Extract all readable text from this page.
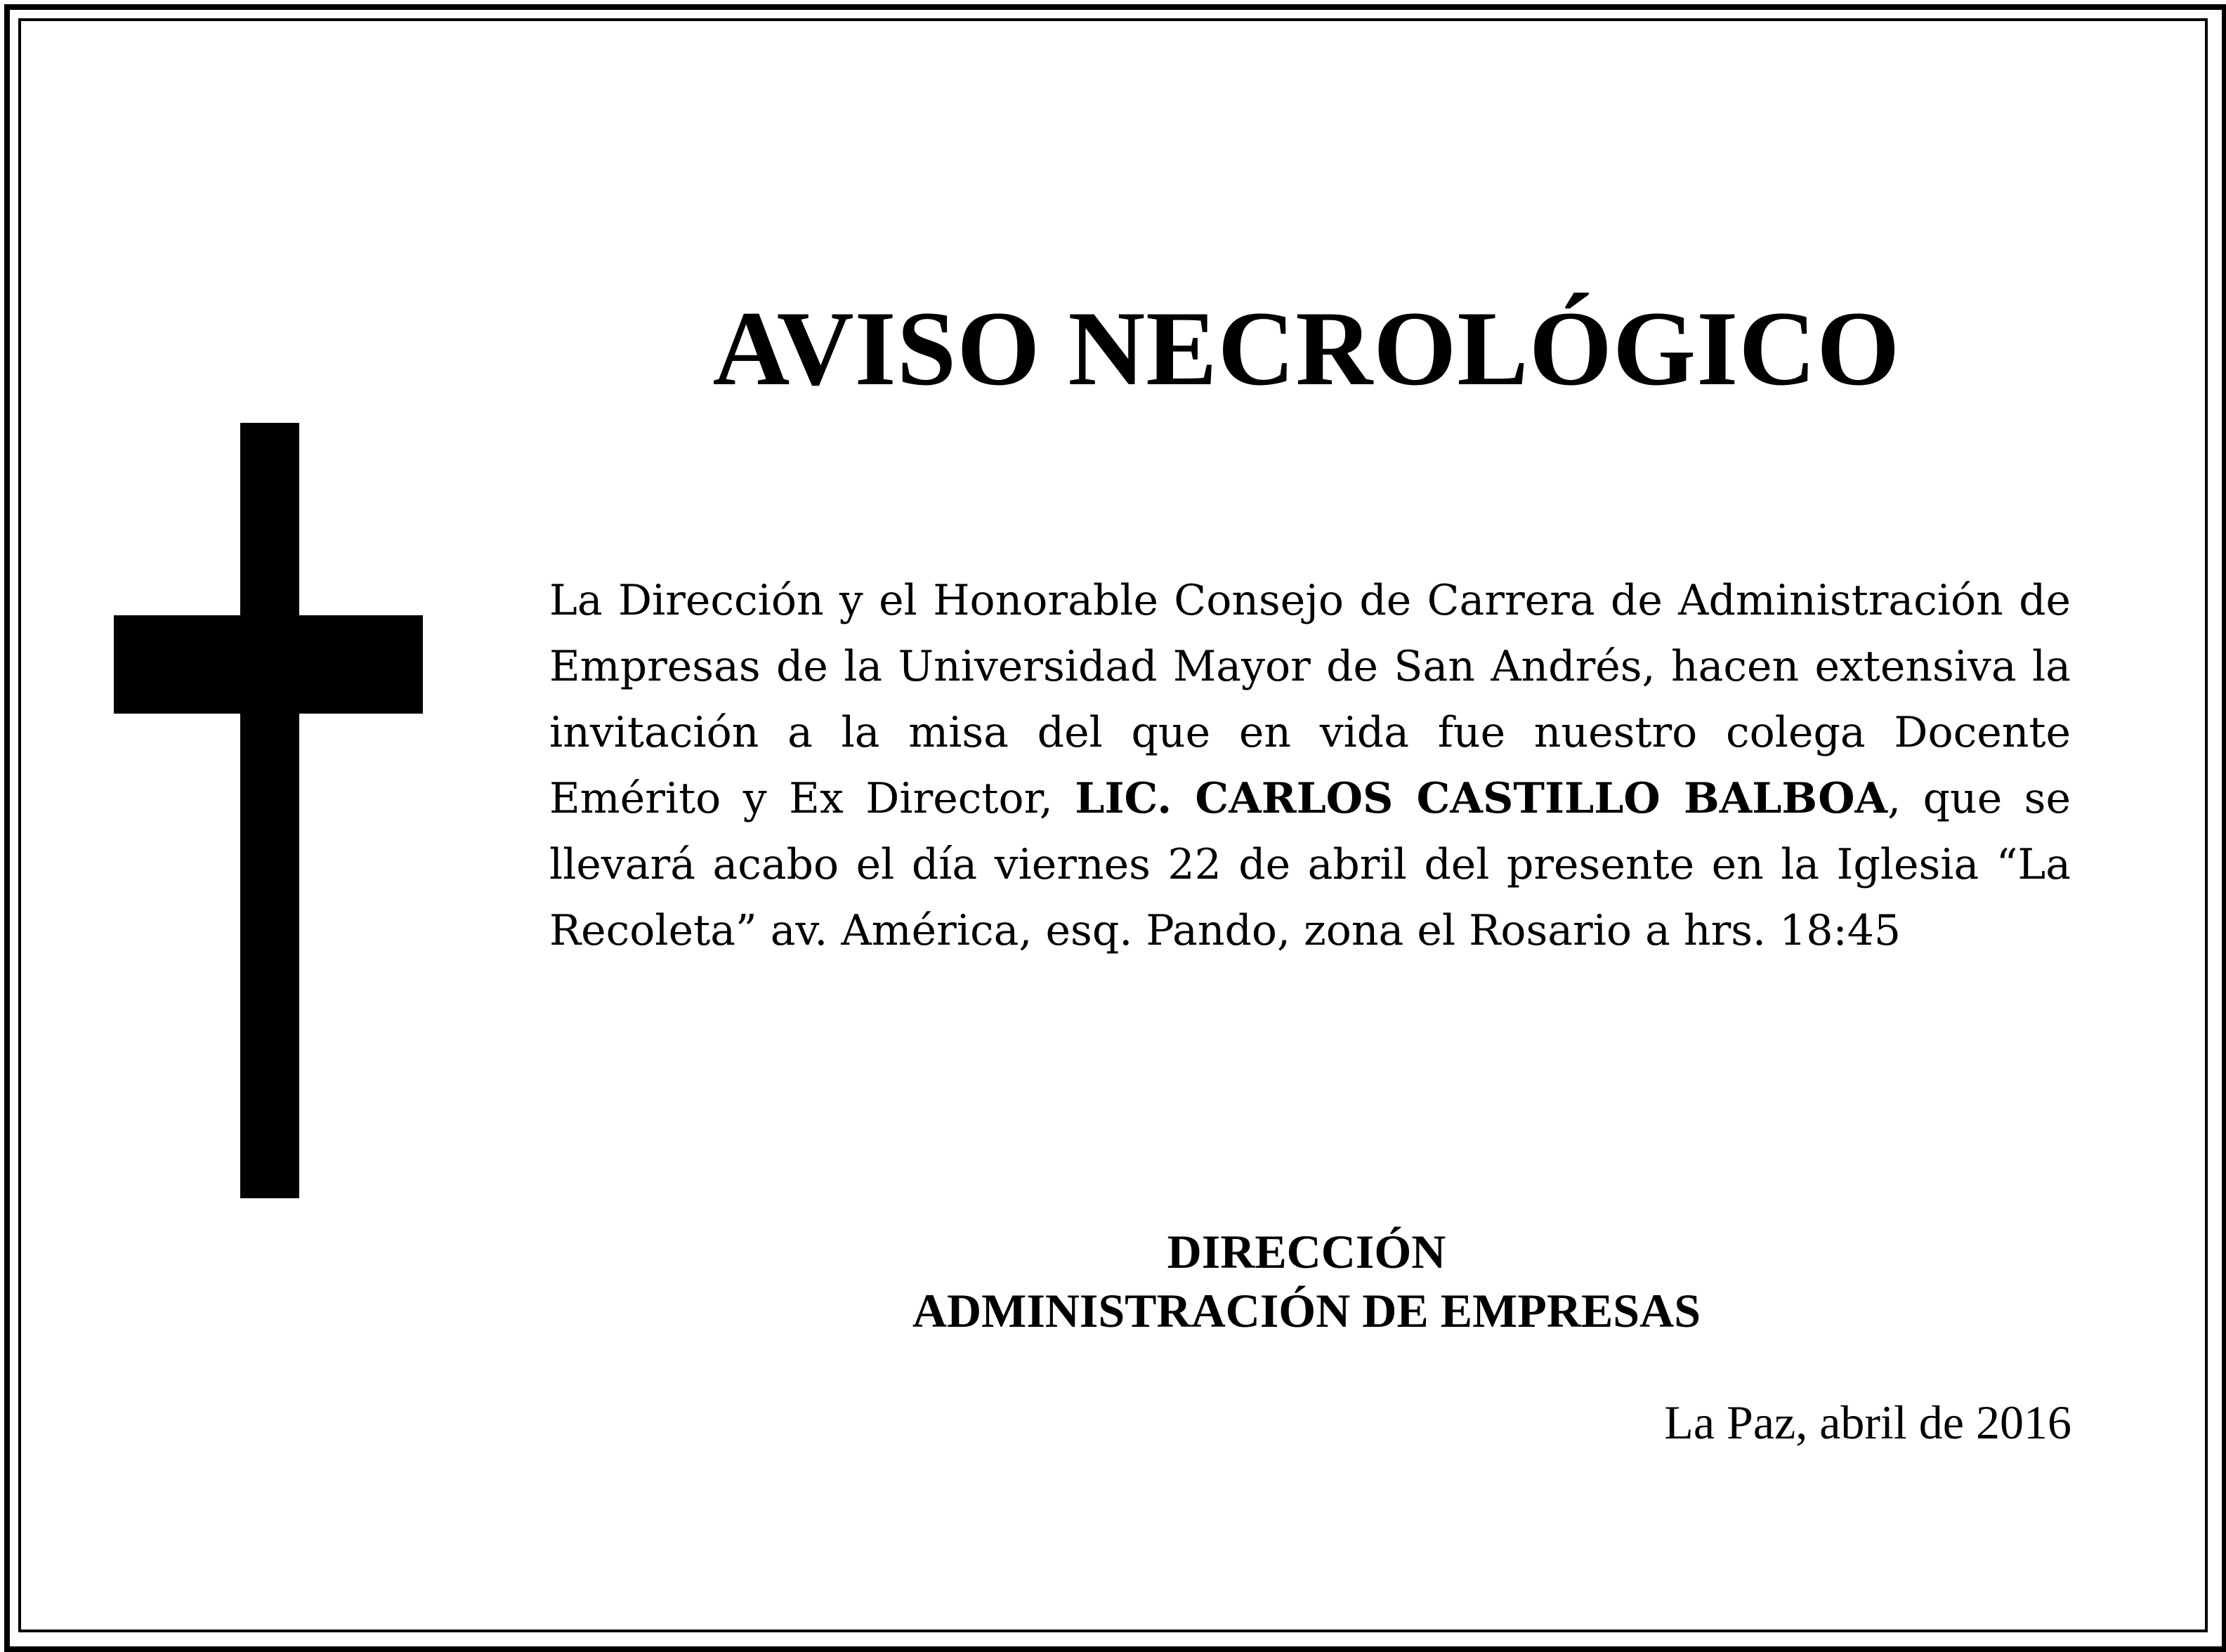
AVISO NECROLÓGICO

La Dirección y el Honorable Consejo de Carrera de Administración de Empresas de la Universidad Mayor de San Andrés, hacen extensiva la invitación a la misa del que en vida fue nuestro colega Docente Emérito y Ex Director, LIC. CARLOS CASTILLO BALBOA, que se llevará acabo el día viernes 22 de abril del presente en la Iglesia “La Recoleta” av. América, esq. Pando, zona el Rosario a hrs. 18:45

DIRECCIÓN
ADMINISTRACIÓN DE EMPRESAS
La Paz, abril de 2016
